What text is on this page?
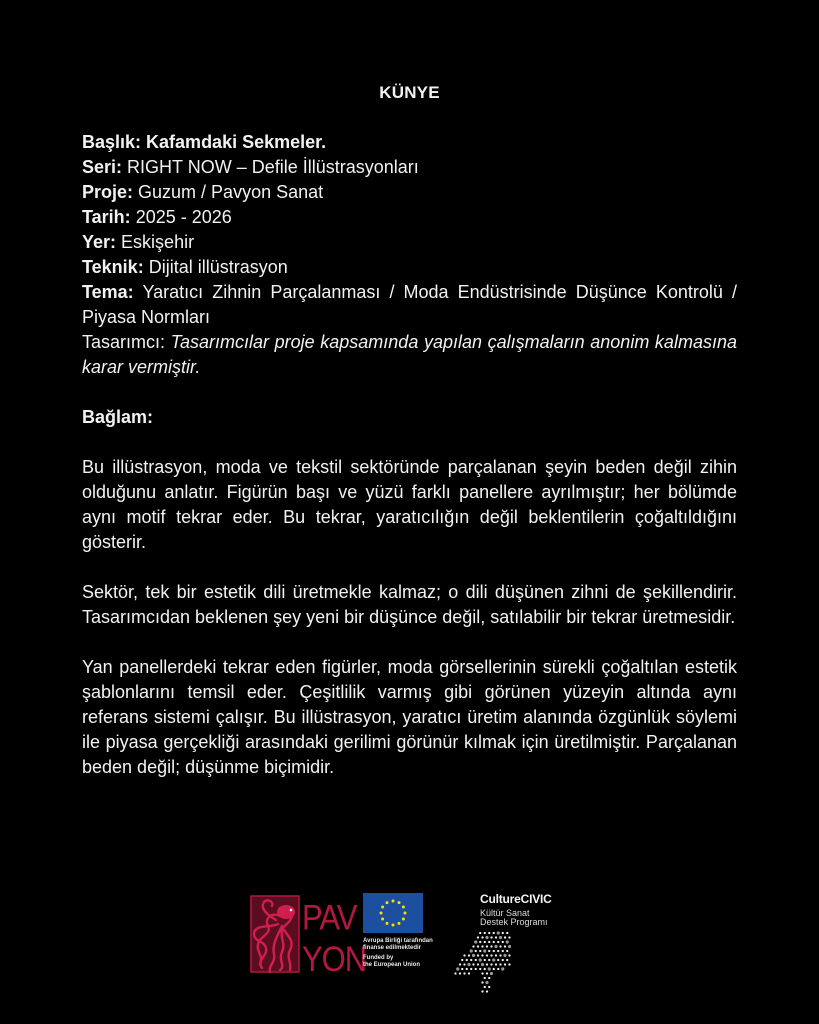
KÜNYE

Başlık: Kafamdaki Sekmeler.

Seri: RIGHT NOW – Defile İllüstrasyonları

Proje: Guzum / Pavyon Sanat

Tarih: 2025 - 2026

Yer: Eskişehir

Teknik: Dijital illüstrasyon

Tema: Yaratıcı Zihnin Parçalanması / Moda Endüstrisinde Düşünce Kontrolü / Piyasa Normları

Tasarımcı: Tasarımcılar proje kapsamında yapılan çalışmaların anonim kalmasına karar vermiştir.

Bağlam:

Bu illüstrasyon, moda ve tekstil sektöründe parçalanan şeyin beden değil zihin olduğunu anlatır. Figürün başı ve yüzü farklı panellere ayrılmıştır; her bölümde aynı motif tekrar eder. Bu tekrar, yaratıcılığın değil beklentilerin çoğaltıldığını gösterir.

Sektör, tek bir estetik dili üretmekle kalmaz; o dili düşünen zihni de şekillendirir. Tasarımcıdan beklenen şey yeni bir düşünce değil, satılabilir bir tekrar üretmesidir.

Yan panellerdeki tekrar eden figürler, moda görsellerinin sürekli çoğaltılan estetik şablonlarını temsil eder. Çeşitlilik varmış gibi görünen yüzeyin altında aynı referans sistemi çalışır. Bu illüstrasyon, yaratıcı üretim alanında özgünlük söylemi ile piyasa gerçekliği arasındaki gerilimi görünür kılmak için üretilmiştir. Parçalanan beden değil; düşünme biçimidir.

PAV
YON
Avrupa Birliği tarafından
finanse edilmektedir
Funded by
the European Union
CultureCIVIC
Kültür Sanat
Destek Programı
